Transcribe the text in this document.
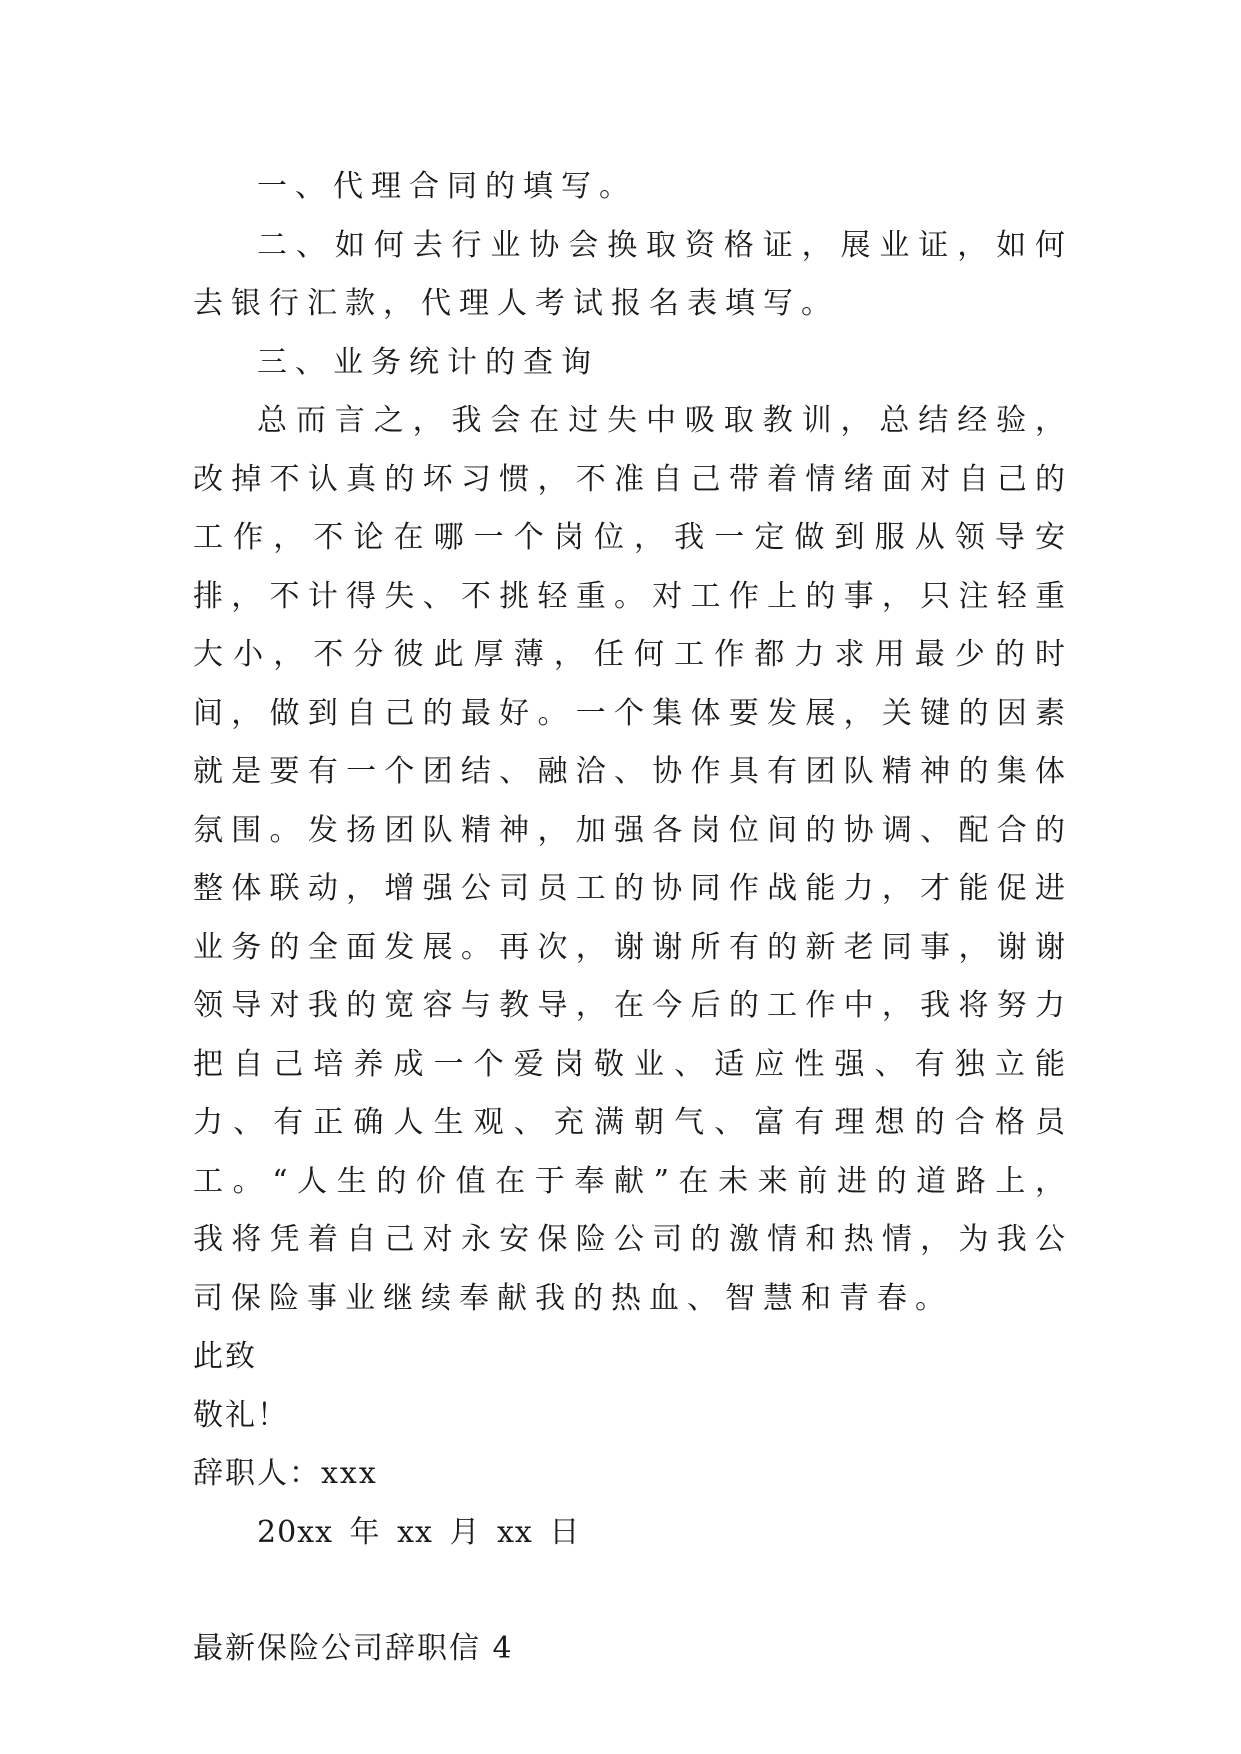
一、代理合同的填写。

二、如何去行业协会换取资格证，展业证，如何去银行汇款，代理人考试报名表填写。

三、业务统计的查询

总而言之，我会在过失中吸取教训，总结经验，改掉不认真的坏习惯，不准自己带着情绪面对自己的工作，不论在哪一个岗位，我一定做到服从领导安排，不计得失、不挑轻重。对工作上的事，只注轻重大小，不分彼此厚薄，任何工作都力求用最少的时间，做到自己的最好。一个集体要发展，关键的因素就是要有一个团结、融洽、协作具有团队精神的集体氛围。发扬团队精神，加强各岗位间的协调、配合的整体联动，增强公司员工的协同作战能力，才能促进业务的全面发展。再次，谢谢所有的新老同事，谢谢领导对我的宽容与教导，在今后的工作中，我将努力把自己培养成一个爱岗敬业、适应性强、有独立能力、有正确人生观、充满朝气、富有理想的合格员工。“人生的价值在于奉献”在未来前进的道路上，我将凭着自己对永安保险公司的激情和热情，为我公司保险事业继续奉献我的热血、智慧和青春。

此致

敬礼！

辞职人：xxx

20xx 年 xx 月 xx 日

最新保险公司辞职信 4
